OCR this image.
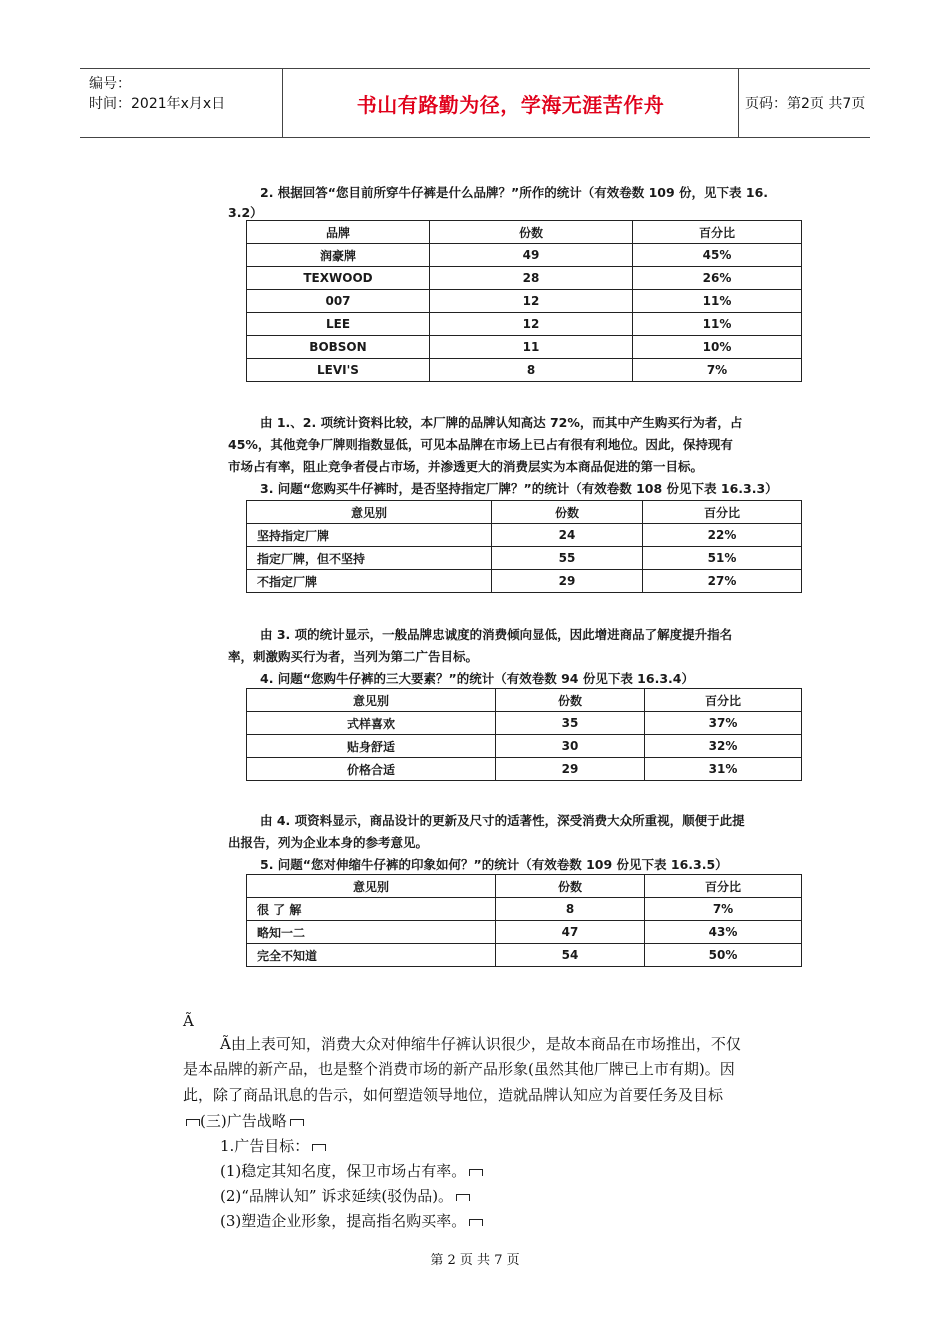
编号：
时间：2021年x月x日	书山有路勤为径，学海无涯苦作舟	页码：第2页 共7页
2. 根据回答“您目前所穿牛仔裤是什么品牌？”所作的统计（有效卷数 109 份，见下表 16.
3.2）
品牌	份数	百分比
润豪牌	49	45%
TEXWOOD	28	26%
007	12	11%
LEE	12	11%
BOBSON	11	10%
LEVI'S	8	7%
由 1.、2. 项统计资料比较，本厂牌的品牌认知高达 72%，而其中产生购买行为者，占
45%，其他竞争厂牌则指数显低，可见本品牌在市场上已占有很有利地位。因此，保持现有
市场占有率，阻止竞争者侵占市场，并渗透更大的消费层实为本商品促进的第一目标。
3. 问题“您购买牛仔裤时，是否坚持指定厂牌？”的统计（有效卷数 108 份见下表 16.3.3）
意见别	份数	百分比
坚持指定厂牌	24	22%
指定厂牌，但不坚持	55	51%
不指定厂牌	29	27%
由 3. 项的统计显示，一般品牌忠诚度的消费倾向显低，因此增进商品了解度提升指名
率，刺激购买行为者，当列为第二广告目标。
4. 问题“您购牛仔裤的三大要素？”的统计（有效卷数 94 份见下表 16.3.4）
意见别	份数	百分比
式样喜欢	35	37%
贴身舒适	30	32%
价格合适	29	31%
由 4. 项资料显示，商品设计的更新及尺寸的适著性，深受消费大众所重视，顺便于此提
出报告，列为企业本身的参考意见。
5. 问题“您对伸缩牛仔裤的印象如何？”的统计（有效卷数 109 份见下表 16.3.5）
意见别	份数	百分比
很 了 解	8	7%
略知一二	47	43%
完全不知道	54	50%
Ã
Ã由上表可知，消费大众对伸缩牛仔裤认识很少，是故本商品在市场推出，不仅
是本品牌的新产品，也是整个消费市场的新产品形象(虽然其他厂牌已上市有期)。因
此，除了商品讯息的告示，如何塑造领导地位，造就品牌认知应为首要任务及目标
(三)广告战略
1.广告目标：
(1)稳定其知名度，保卫市场占有率。
(2)“品牌认知” 诉求延续(驳伪品)。
(3)塑造企业形象，提高指名购买率。
第 2 页 共 7 页
